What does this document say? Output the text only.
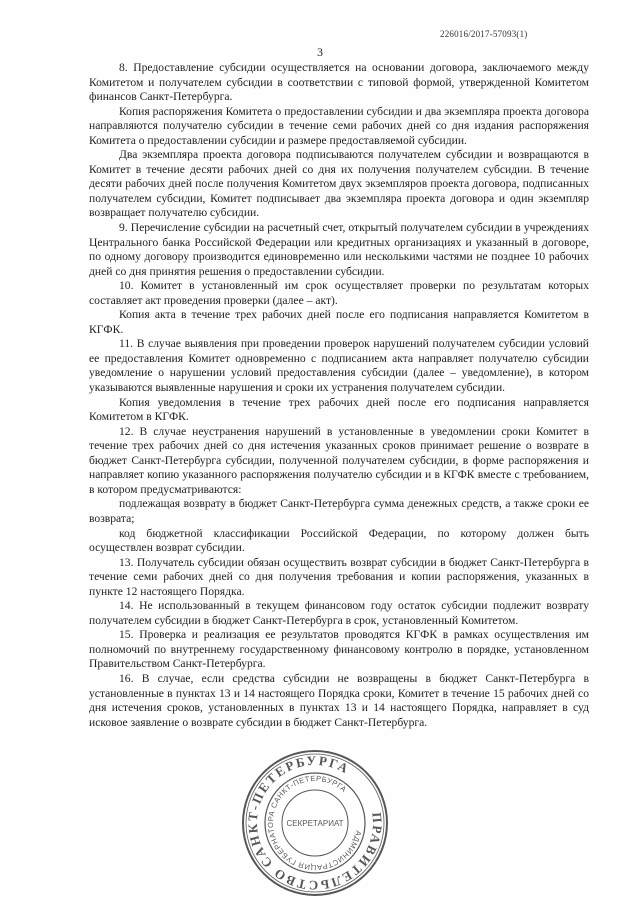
226016/2017-57093(1)
3

8. Предоставление субсидии осуществляется на основании договора, заключаемого между Комитетом и получателем субсидии в соответствии с типовой формой, утвержденной Комитетом финансов Санкт-Петербурга.

Копия распоряжения Комитета о предоставлении субсидии и два экземпляра проекта договора направляются получателю субсидии в течение семи рабочих дней со дня издания распоряжения Комитета о предоставлении субсидии и размере предоставляемой субсидии.

Два экземпляра проекта договора подписываются получателем субсидии и возвращаются в Комитет в течение десяти рабочих дней со дня их получения получателем субсидии. В течение десяти рабочих дней после получения Комитетом двух экземпляров проекта договора, подписанных получателем субсидии, Комитет подписывает два экземпляра проекта договора и один экземпляр возвращает получателю субсидии.

9. Перечисление субсидии на расчетный счет, открытый получателем субсидии в учреждениях Центрального банка Российской Федерации или кредитных организациях и указанный в договоре, по одному договору производится единовременно или несколькими частями не позднее 10 рабочих дней со дня принятия решения о предоставлении субсидии.

10. Комитет в установленный им срок осуществляет проверки по результатам которых составляет акт проведения проверки (далее – акт).

Копия акта в течение трех рабочих дней после его подписания направляется Комитетом в КГФК.

11. В случае выявления при проведении проверок нарушений получателем субсидии условий ее предоставления Комитет одновременно с подписанием акта направляет получателю субсидии уведомление о нарушении условий предоставления субсидии (далее – уведомление), в котором указываются выявленные нарушения и сроки их устранения получателем субсидии.

Копия уведомления в течение трех рабочих дней после его подписания направляется Комитетом в КГФК.

12. В случае неустранения нарушений в установленные в уведомлении сроки Комитет в течение трех рабочих дней со дня истечения указанных сроков принимает решение о возврате в бюджет Санкт-Петербурга субсидии, полученной получателем субсидии, в форме распоряжения и направляет копию указанного распоряжения получателю субсидии и в КГФК вместе с требованием, в котором предусматриваются:

подлежащая возврату в бюджет Санкт-Петербурга сумма денежных средств, а также сроки ее возврата;

код бюджетной классификации Российской Федерации, по которому должен быть осуществлен возврат субсидии.

13. Получатель субсидии обязан осуществить возврат субсидии в бюджет Санкт-Петербурга в течение семи рабочих дней со дня получения требования и копии распоряжения, указанных в пункте 12 настоящего Порядка.

14. Не использованный в текущем финансовом году остаток субсидии подлежит возврату получателем субсидии в бюджет Санкт-Петербурга в срок, установленный Комитетом.

15. Проверка и реализация ее результатов проводятся КГФК в рамках осуществления им полномочий по внутреннему государственному финансовому контролю в порядке, установленном Правительством Санкт-Петербурга.

16. В случае, если средства субсидии не возвращены в бюджет Санкт-Петербурга в установленные в пунктах 13 и 14 настоящего Порядка сроки, Комитет в течение 15 рабочих дней со дня истечения сроков, установленных в пунктах 13 и 14 настоящего Порядка, направляет в суд исковое заявление о возврате субсидии в бюджет Санкт-Петербурга.

ПРАВИТЕЛЬСТВО САНКТ-ПЕТЕРБУРГА
АДМИНИСТРАЦИЯ ГУБЕРНАТОРА САНКТ-ПЕТЕРБУРГА
СЕКРЕТАРИАТ
